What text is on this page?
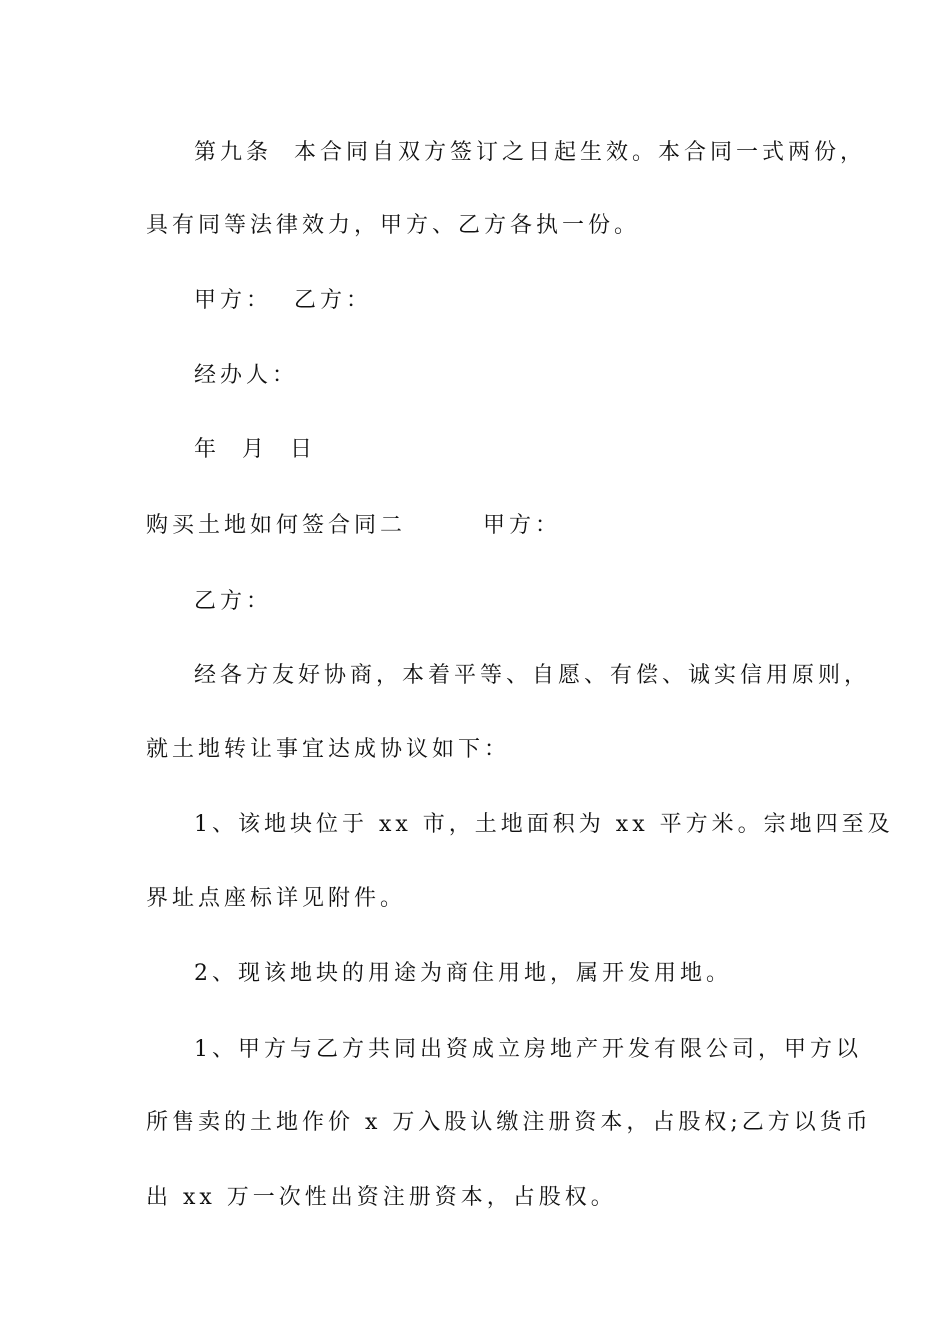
第九条  本合同自双方签订之日起生效。本合同一式两份，
具有同等法律效力，甲方、乙方各执一份。
甲方：  乙方：
经办人：
年  月  日
购买土地如何签合同二       甲方：
乙方：
经各方友好协商，本着平等、自愿、有偿、诚实信用原则，
就土地转让事宜达成协议如下：
1、该地块位于 xx 市，土地面积为 xx 平方米。宗地四至及
界址点座标详见附件。
2、现该地块的用途为商住用地，属开发用地。
1、甲方与乙方共同出资成立房地产开发有限公司，甲方以
所售卖的土地作价 x 万入股认缴注册资本，占股权;乙方以货币
出 xx 万一次性出资注册资本，占股权。
